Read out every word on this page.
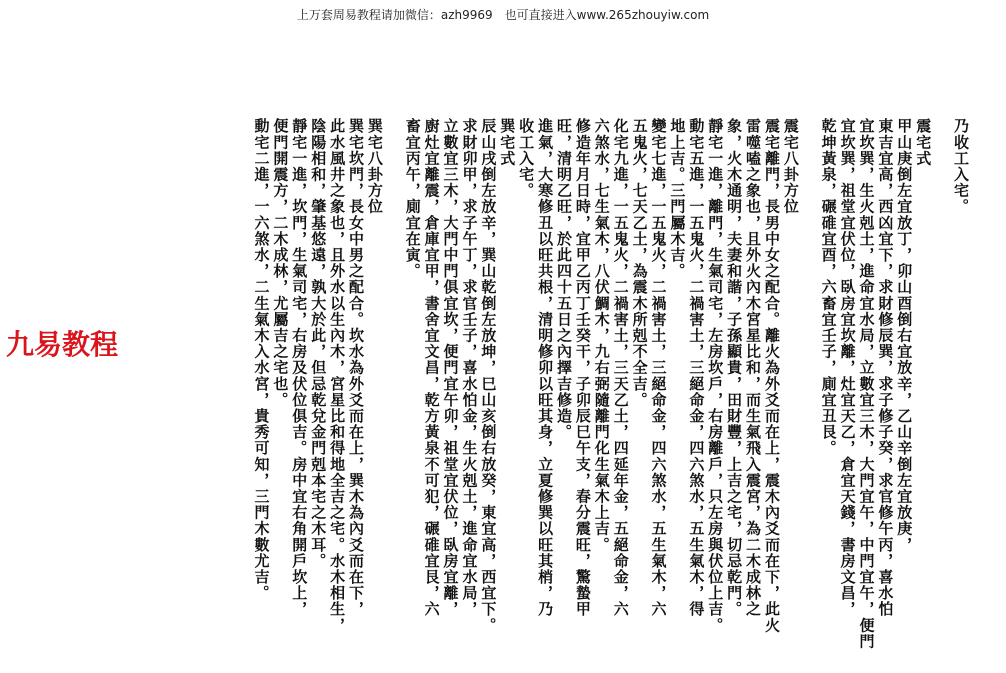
上万套周易教程请加微信：azh9969　也可直接进入www.265zhouyiw.com
乃收工入宅。

震宅式
甲山庚倒左宜放丁，卯山酉倒右宜放辛，乙山辛倒左宜放庚，
東吉宜高，西凶宜下，求財修辰巽，求子修子癸，求官修午丙，喜水怕
宜坎巽，生火剋土，進命宜水局，立數宜三木，大門宜午，中門宜午，便門
宜坎巽，祖堂宜伏位，臥房宜坎離，灶宜天乙，倉宜天錢，書房文昌，
乾坤黃泉，碾碓宜酉，六畜宜壬子，廁宜丑艮。

震宅八卦方位
震宅離門，長男中女之配合。離火為外爻而在上，震木內爻而在下，此火
雷噬嗑之象也，且外火內木宮星比和，而生氣飛入震宮，為二木成林之
象，火木通明，夫妻和諧，子孫顯貴，田財豐，上吉之宅，切忌乾門。
靜宅一進，離門，生氣司宅，左房坎戶，右房離戶，只左房與伏位上吉。
動宅五進，一五鬼火，二禍害土，三絕命金，四六煞水，五生氣木，得
地上吉。三門屬木吉。
變宅七進，一五鬼火，二禍害土，三絕命金，四六煞水，五生氣木，六
五鬼火，七天乙土，為震木所剋不全吉。
化宅九進，一五鬼火，二禍害土，三天乙土，四延年金，五絕命金，六
六煞水，七生氣木，八伏鯛木，九右弼隨離門化生氣木上吉。
修造年月日時，宜甲乙丙丁壬癸干，子卯辰巳午支，春分震旺，驚蟄甲
旺，清明乙旺，於此四十五日之內擇吉修造。
進氣，大寒修丑以旺共根，清明修卯以旺其身，立夏修巽以旺其梢，乃
收工入宅。
巽宅式
辰山戌倒左放辛，巽山乾倒左放坤，巳山亥倒右放癸，東宜高，西宜下。
求財卯甲，求子午丁，求官壬子，喜水怕金，生火剋土，進命宜水局，
立數宜三木，大門中門俱宜坎，便門宜午卯，祖堂宜伏位，臥房宜離，
廚灶宜離震，倉庫宜甲，書舍宜文昌，乾方黃泉不可犯，碾碓宜艮，六
畜宜丙午，廁宜在寅。

巽宅八卦方位
巽宅坎門，長女中男之配合。坎水為外爻而在上，巽木為內爻而在下，
此水風井之象也，且外水以生內木，宮星比和得地全吉之宅。水木相生，
陰陽相和，肇基悠遠，孰大於此，但忌乾兌金門剋本宅之木耳。
靜宅一進，坎門，生氣司宅，右房及伏位俱吉。房中宜右角開戶坎上，
便門開震方，二木成林，尤屬吉之宅也。
動宅二進，一六煞水，二生氣木入水宮，貴秀可知，三門木數尤吉。
九易教程
